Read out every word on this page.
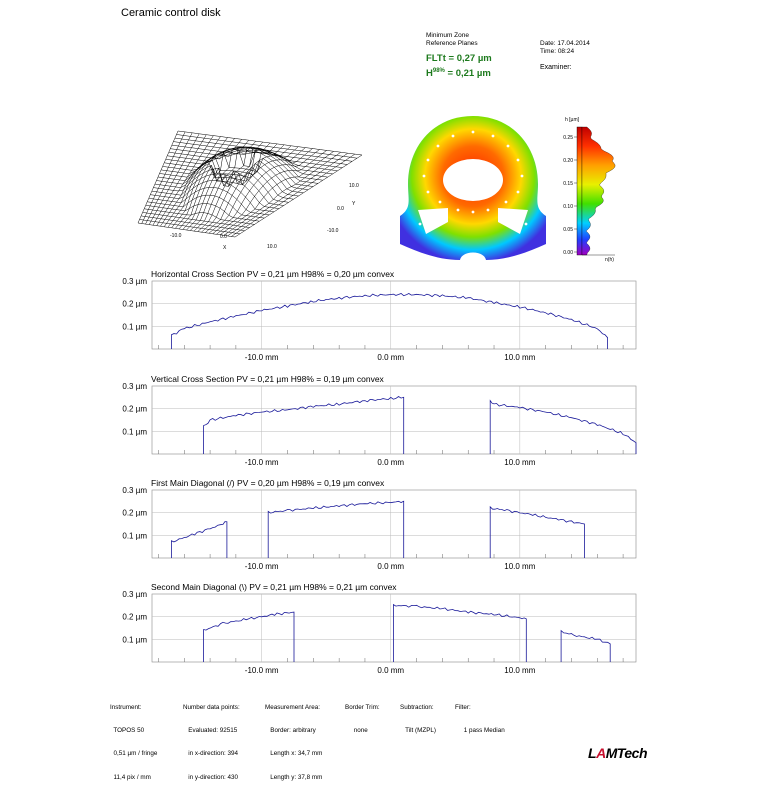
Ceramic control disk
Minimum Zone
Reference Planes
FLTt = 0,27 µm
$H^{98\%} = 0,21$ µm
Date: 17.04.2014
Time: 08:24
Examiner:
-10.0	0.0
10.0
X
10.0
0.0
-10.0
Y
h [µm]
0.25
0.20
0.15
0.10
0.05
0.00
n(h)
Horizontal Cross Section PV = 0,21 µm H98% = 0,20 µm convex
0.1 µm
0.2 µm
0.3 µm
-10.0 mm	0.0 mm	10.0 mm
Vertical Cross Section PV = 0,21 µm H98% = 0,19 µm convex
0.1 µm
0.2 µm
0.3 µm
-10.0 mm	0.0 mm	10.0 mm
First Main Diagonal (/) PV = 0,20 µm H98% = 0,19 µm convex
0.1 µm
0.2 µm
0.3 µm
-10.0 mm	0.0 mm	10.0 mm
Second Main Diagonal (\) PV = 0,21 µm H98% = 0,21 µm convex
0.1 µm
0.2 µm
0.3 µm
-10.0 mm	0.0 mm	10.0 mm

Instrument:

TOPOS 50

0,51 µm / fringe

11,4 pix / mm

Number data points:

Evaluated: 92515

in x-direction: 394

in y-direction: 430

Measurement Area:

Border: arbitrary

Length x: 34,7 mm

Length y: 37,8 mm

Border Trim:

none

Subtraction:

Tilt (MZPL)

Filter:

1 pass Median

LAMTech
